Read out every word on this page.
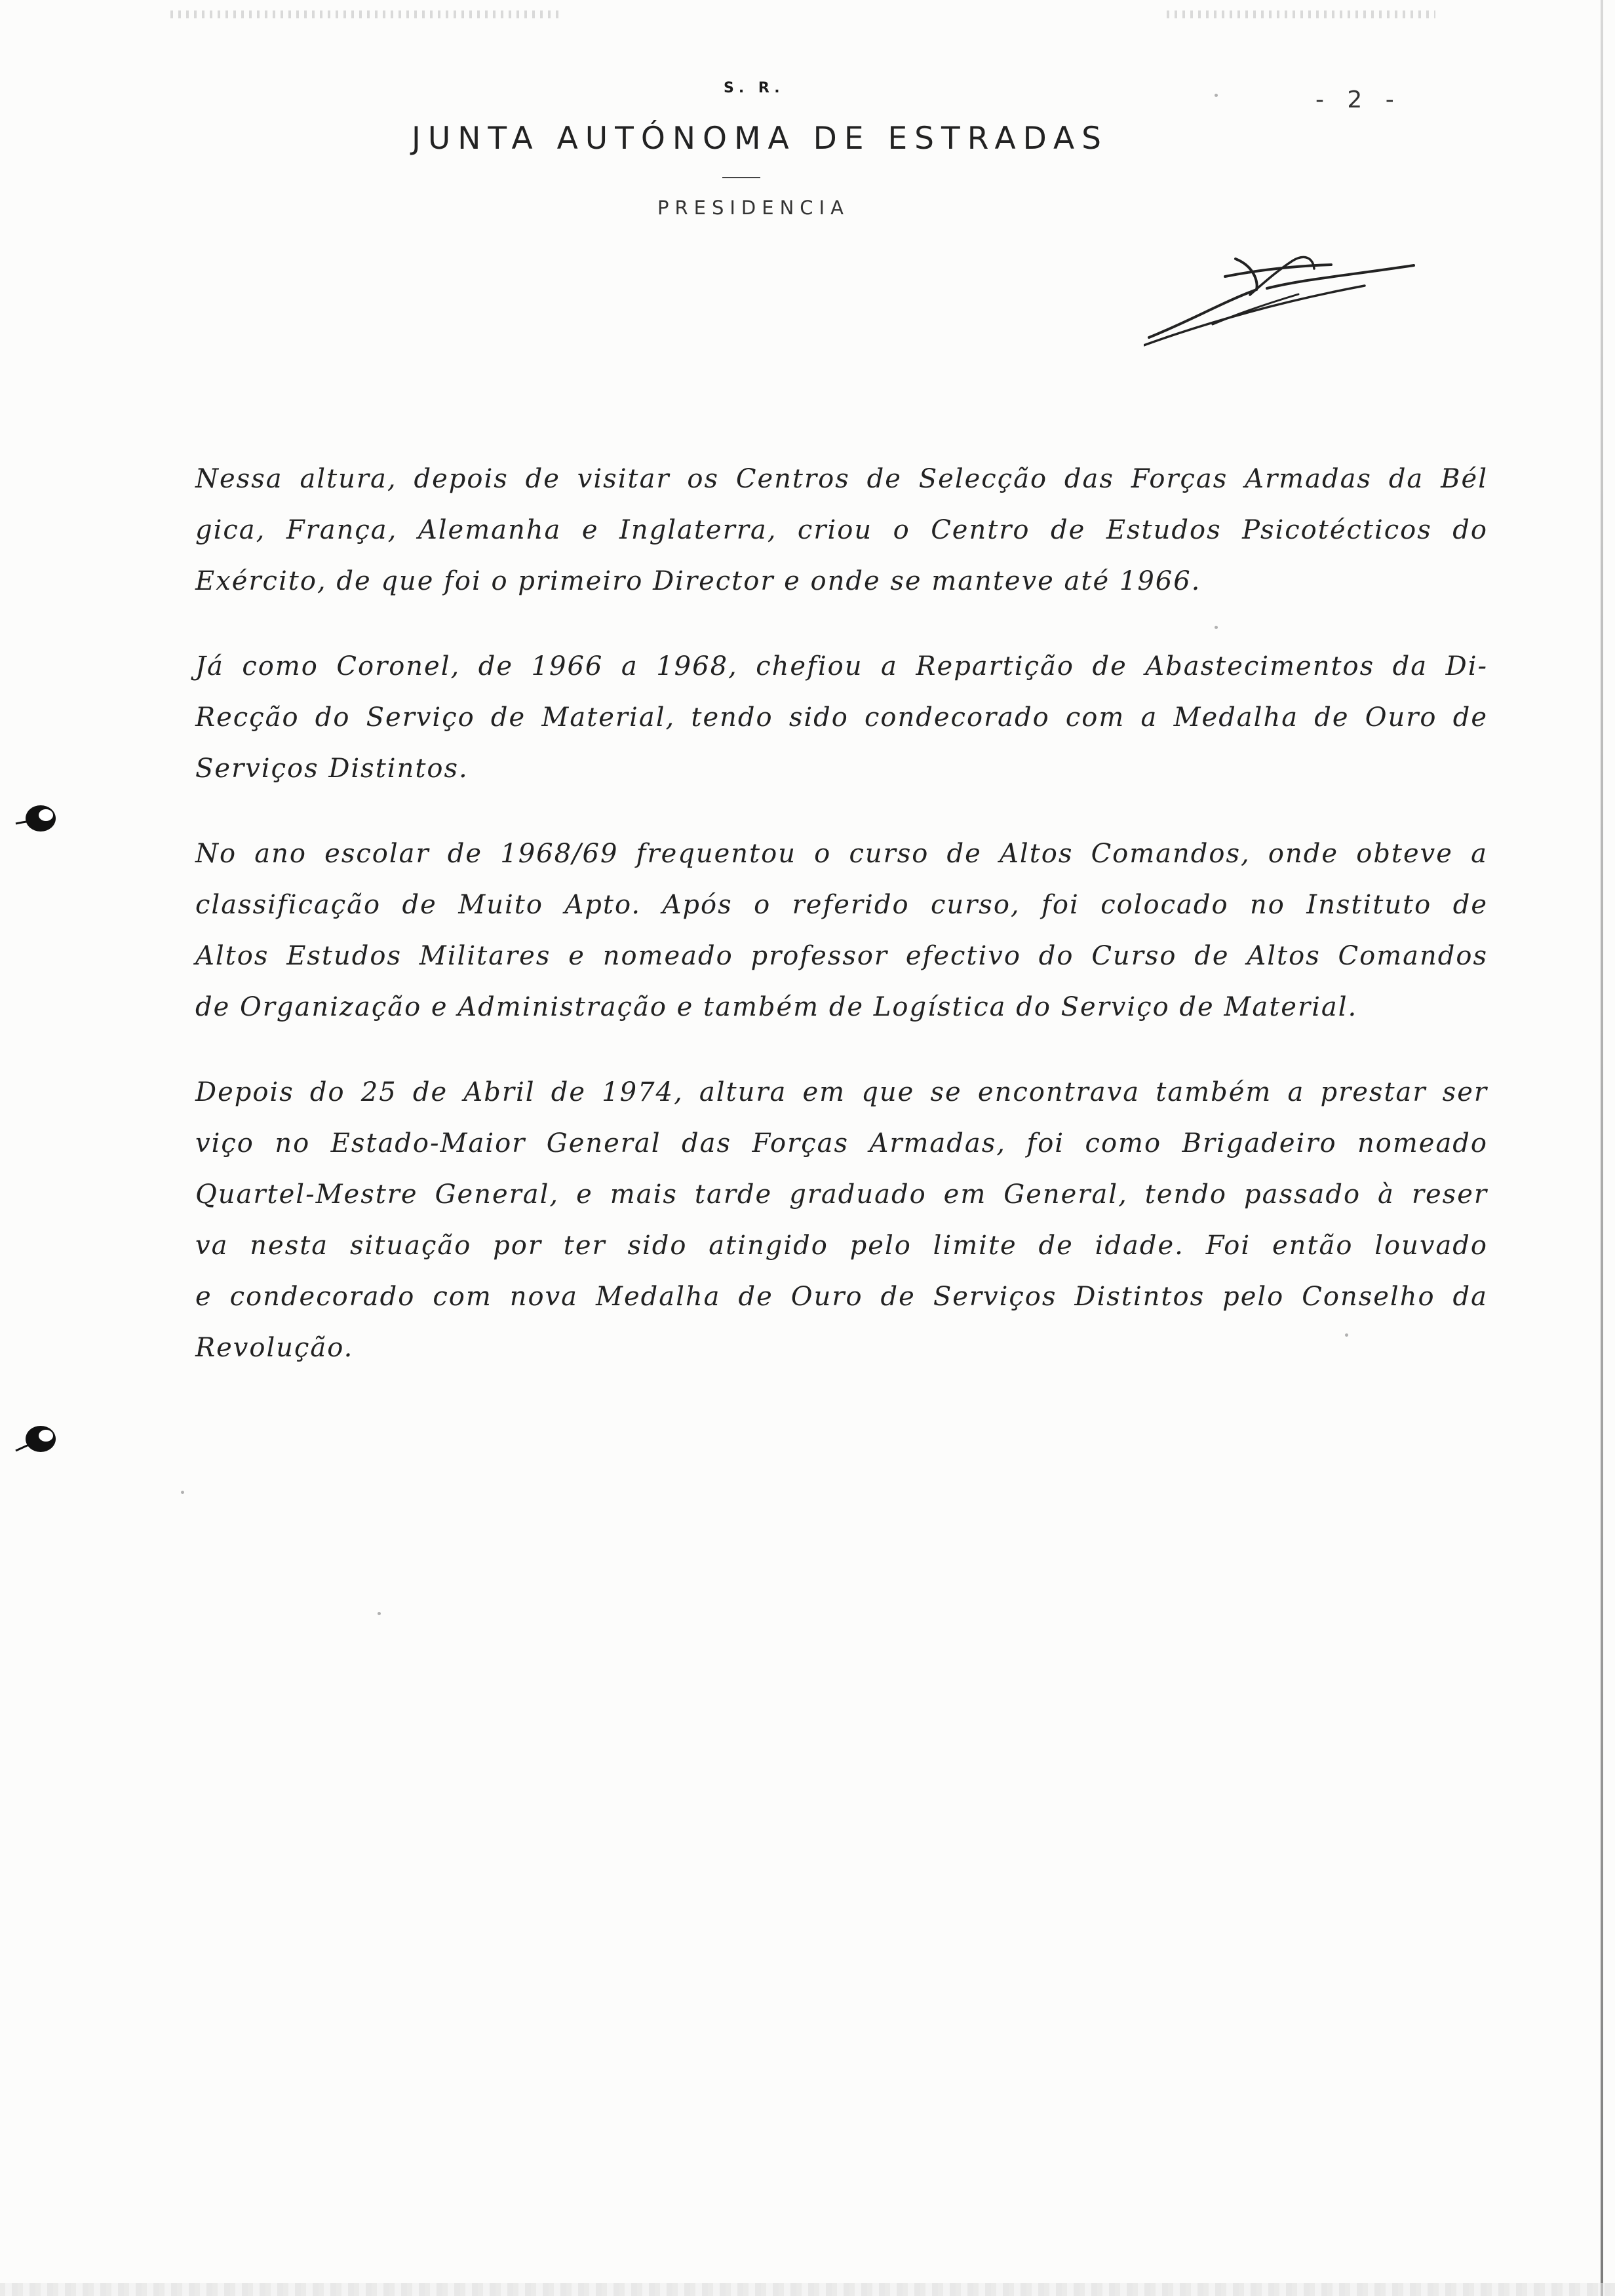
S. R.	- 2 -
JUNTA AUTÓNOMA DE ESTRADAS
PRESIDENCIA
Nessa altura, depois de visitar os Centros de Selecção das Forças Armadas da Bél
gica, França, Alemanha e Inglaterra, criou o Centro de Estudos Psicotécticos do
Exército, de que foi o primeiro Director e onde se manteve até 1966.
Já como Coronel, de 1966 a 1968, chefiou a Repartição de Abastecimentos da Di-
Recção do Serviço de Material, tendo sido condecorado com a Medalha de Ouro de
Serviços Distintos.
No ano escolar de 1968/69 frequentou o curso de Altos Comandos, onde obteve a
classificação de Muito Apto. Após o referido curso, foi colocado no Instituto de
Altos Estudos Militares e nomeado professor efectivo do Curso de Altos Comandos
de Organização e Administração e também de Logística do Serviço de Material.
Depois do 25 de Abril de 1974, altura em que se encontrava também a prestar ser
viço no Estado-Maior General das Forças Armadas, foi como Brigadeiro nomeado
Quartel-Mestre General, e mais tarde graduado em General, tendo passado à reser
va nesta situação por ter sido atingido pelo limite de idade. Foi então louvado
e condecorado com nova Medalha de Ouro de Serviços Distintos pelo Conselho da
Revolução.
